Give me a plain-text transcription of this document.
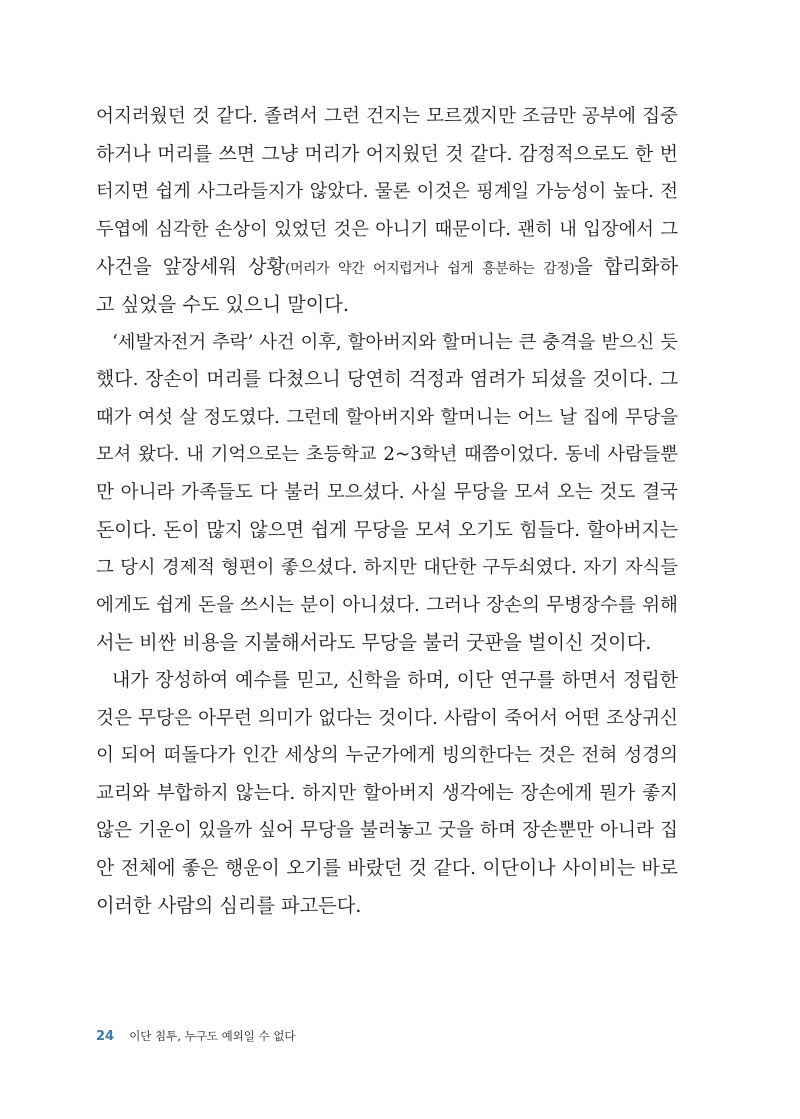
어지러웠던 것 같다. 졸려서 그런 건지는 모르겠지만 조금만 공부에 집중
하거나 머리를 쓰면 그냥 머리가 어지웠던 것 같다. 감정적으로도 한 번
터지면 쉽게 사그라들지가 않았다. 물론 이것은 핑계일 가능성이 높다. 전
두엽에 심각한 손상이 있었던 것은 아니기 때문이다. 괜히 내 입장에서 그
사건을 앞장세워 상황(머리가 약간 어지럽거나 쉽게 흥분하는 감정)을 합리화하
고 싶었을 수도 있으니 말이다.
‘세발자전거 추락’ 사건 이후, 할아버지와 할머니는 큰 충격을 받으신 듯
했다. 장손이 머리를 다쳤으니 당연히 걱정과 염려가 되셨을 것이다. 그
때가 여섯 살 정도였다. 그런데 할아버지와 할머니는 어느 날 집에 무당을
모셔 왔다. 내 기억으로는 초등학교 2~3학년 때쯤이었다. 동네 사람들뿐
만 아니라 가족들도 다 불러 모으셨다. 사실 무당을 모셔 오는 것도 결국
돈이다. 돈이 많지 않으면 쉽게 무당을 모셔 오기도 힘들다. 할아버지는
그 당시 경제적 형편이 좋으셨다. 하지만 대단한 구두쇠였다. 자기 자식들
에게도 쉽게 돈을 쓰시는 분이 아니셨다. 그러나 장손의 무병장수를 위해
서는 비싼 비용을 지불해서라도 무당을 불러 굿판을 벌이신 것이다.
내가 장성하여 예수를 믿고, 신학을 하며, 이단 연구를 하면서 정립한
것은 무당은 아무런 의미가 없다는 것이다. 사람이 죽어서 어떤 조상귀신
이 되어 떠돌다가 인간 세상의 누군가에게 빙의한다는 것은 전혀 성경의
교리와 부합하지 않는다. 하지만 할아버지 생각에는 장손에게 뭔가 좋지
않은 기운이 있을까 싶어 무당을 불러놓고 굿을 하며 장손뿐만 아니라 집
안 전체에 좋은 행운이 오기를 바랐던 것 같다. 이단이나 사이비는 바로
이러한 사람의 심리를 파고든다.
24 이단 침투, 누구도 예외일 수 없다
